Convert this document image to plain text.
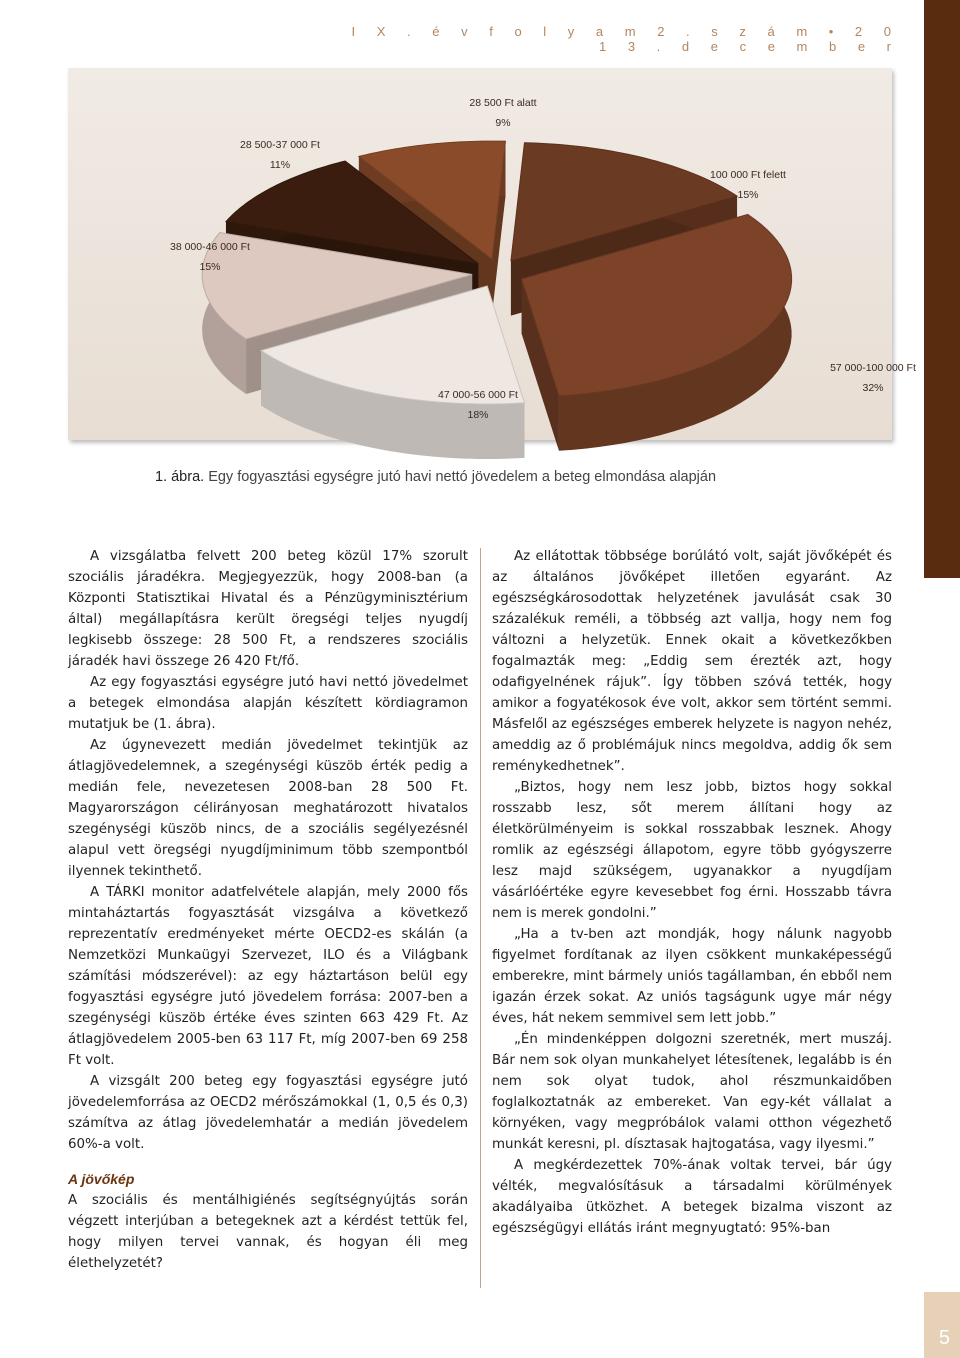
5
I X . é v f o l y a m 2 . s z á m • 2 0 1 3 . d e c e m b e r
100 000 Ft felett
15%
57 000-100 000 Ft
32%
47 000-56 000 Ft
18%
38 000-46 000 Ft
15%
28 500-37 000 Ft
11%
28 500 Ft alatt
9%
1. ábra. Egy fogyasztási egységre jutó havi nettó jövedelem a beteg elmondása alapján

A vizsgálatba felvett 200 beteg közül 17% szorult szociális járadékra. Megjegyezzük, hogy 2008-ban (a Központi Statisztikai Hivatal és a Pénzügyminisztérium által) megállapításra került öregségi teljes nyugdíj legkisebb összege: 28 500 Ft, a rendszeres szociális járadék havi összege 26 420 Ft/fő.

Az egy fogyasztási egységre jutó havi nettó jövedelmet a betegek elmondása alapján készített kördiagramon mutatjuk be (1. ábra).

Az úgynevezett medián jövedelmet tekintjük az átlagjövedelemnek, a szegénységi küszöb érték pedig a medián fele, nevezetesen 2008-ban 28 500 Ft. Magyarországon célirányosan meghatározott hivatalos szegénységi küszöb nincs, de a szociális segélyezésnél alapul vett öregségi nyugdíjminimum több szempontból ilyennek tekinthető.

A TÁRKI monitor adatfelvétele alapján, mely 2000 fős mintaháztartás fogyasztását vizsgálva a következő reprezentatív eredményeket mérte OECD2-es skálán (a Nemzetközi Munkaügyi Szervezet, ILO és a Világbank számítási módszerével): az egy háztartáson belül egy fogyasztási egységre jutó jövedelem forrása: 2007-ben a szegénységi küszöb értéke éves szinten 663 429 Ft. Az átlagjövedelem 2005-ben 63 117 Ft, míg 2007-ben 69 258 Ft volt.

A vizsgált 200 beteg egy fogyasztási egységre jutó jövedelemforrása az OECD2 mérőszámokkal (1, 0,5 és 0,3) számítva az átlag jövedelemhatár a medián jövedelem 60%-a volt.

A jövőkép

A szociális és mentálhigiénés segítségnyújtás során végzett interjúban a betegeknek azt a kérdést tettük fel, hogy milyen tervei vannak, és hogyan éli meg élethelyzetét?

Az ellátottak többsége borúlátó volt, saját jövőképét és az általános jövőképet illetően egyaránt. Az egészségkárosodottak helyzetének javulását csak 30 százalékuk reméli, a többség azt vallja, hogy nem fog változni a helyzetük. Ennek okait a következőkben fogalmazták meg: „Eddig sem érezték azt, hogy odafigyelnének rájuk”. Így többen szóvá tették, hogy amikor a fogyatékosok éve volt, akkor sem történt semmi. Másfelől az egészséges emberek helyzete is nagyon nehéz, ameddig az ő problémájuk nincs megoldva, addig ők sem reménykedhetnek”.

„Biztos, hogy nem lesz jobb, biztos hogy sokkal rosszabb lesz, sőt merem állítani hogy az életkörülményeim is sokkal rosszabbak lesznek. Ahogy romlik az egészségi állapotom, egyre több gyógyszerre lesz majd szükségem, ugyanakkor a nyugdíjam vásárlóértéke egyre kevesebbet fog érni. Hosszabb távra nem is merek gondolni.”

„Ha a tv-ben azt mondják, hogy nálunk nagyobb figyelmet fordítanak az ilyen csökkent munkaképességű emberekre, mint bármely uniós tagállamban, én ebből nem igazán érzek sokat. Az uniós tagságunk ugye már négy éves, hát nekem semmivel sem lett jobb.”

„Én mindenképpen dolgozni szeretnék, mert muszáj. Bár nem sok olyan munkahelyet létesítenek, legalább is én nem sok olyat tudok, ahol részmunkaidőben foglalkoztatnák az embereket. Van egy-két vállalat a környéken, vagy megpróbálok valami otthon végezhető munkát keresni, pl. dísztasak hajtogatása, vagy ilyesmi.”

A megkérdezettek 70%-ának voltak tervei, bár úgy vélték, megvalósításuk a társadalmi körülmények akadályaiba ütközhet. A betegek bizalma viszont az egészségügyi ellátás iránt megnyugtató: 95%-ban
